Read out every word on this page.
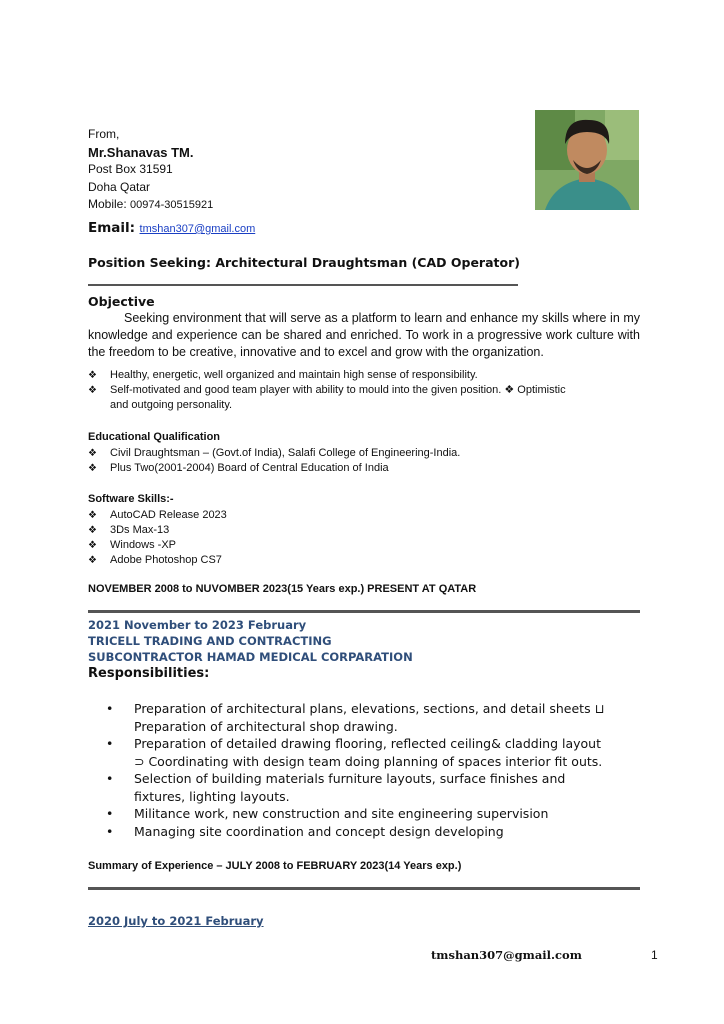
From,
Mr.Shanavas TM.
Post Box 31591
Doha Qatar
Mobile: 00974-30515921
Email: tmshan307@gmail.com
Position Seeking: Architectural Draughtsman (CAD Operator)
Objective
Seeking environment that will serve as a platform to learn and enhance my skills where in my knowledge and experience can be shared and enriched. To work in a progressive work culture with the freedom to be creative, innovative and to excel and grow with the organization.
❖ Healthy, energetic, well organized and maintain high sense of responsibility.
❖ Self-motivated and good team player with ability to mould into the given position. ❖ Optimistic
and outgoing personality.
Educational Qualification
❖ Civil Draughtsman – (Govt.of India), Salafi College of Engineering-India.
❖ Plus Two(2001-2004) Board of Central Education of India
Software Skills:-
❖ AutoCAD Release 2023
❖ 3Ds Max-13
❖ Windows -XP
❖ Adobe Photoshop CS7
NOVEMBER 2008 to NUVOMBER 2023(15 Years exp.) PRESENT AT QATAR
2021 November to 2023 February
TRICELL TRADING AND CONTRACTING
SUBCONTRACTOR HAMAD MEDICAL CORPARATION
Responsibilities:
• Preparation of architectural plans, elevations, sections, and detail sheets ⊔ Preparation of architectural shop drawing.
• Preparation of detailed drawing flooring, reflected ceiling& cladding layout ⊃ Coordinating with design team doing planning of spaces interior fit outs.
• Selection of building materials furniture layouts, surface finishes and fixtures, lighting layouts.
• Militance work, new construction and site engineering supervision
• Managing site coordination and concept design developing
Summary of Experience – JULY 2008 to FEBRUARY 2023(14 Years exp.)
2020 July to 2021 February
tmshan307@gmail.com	1
